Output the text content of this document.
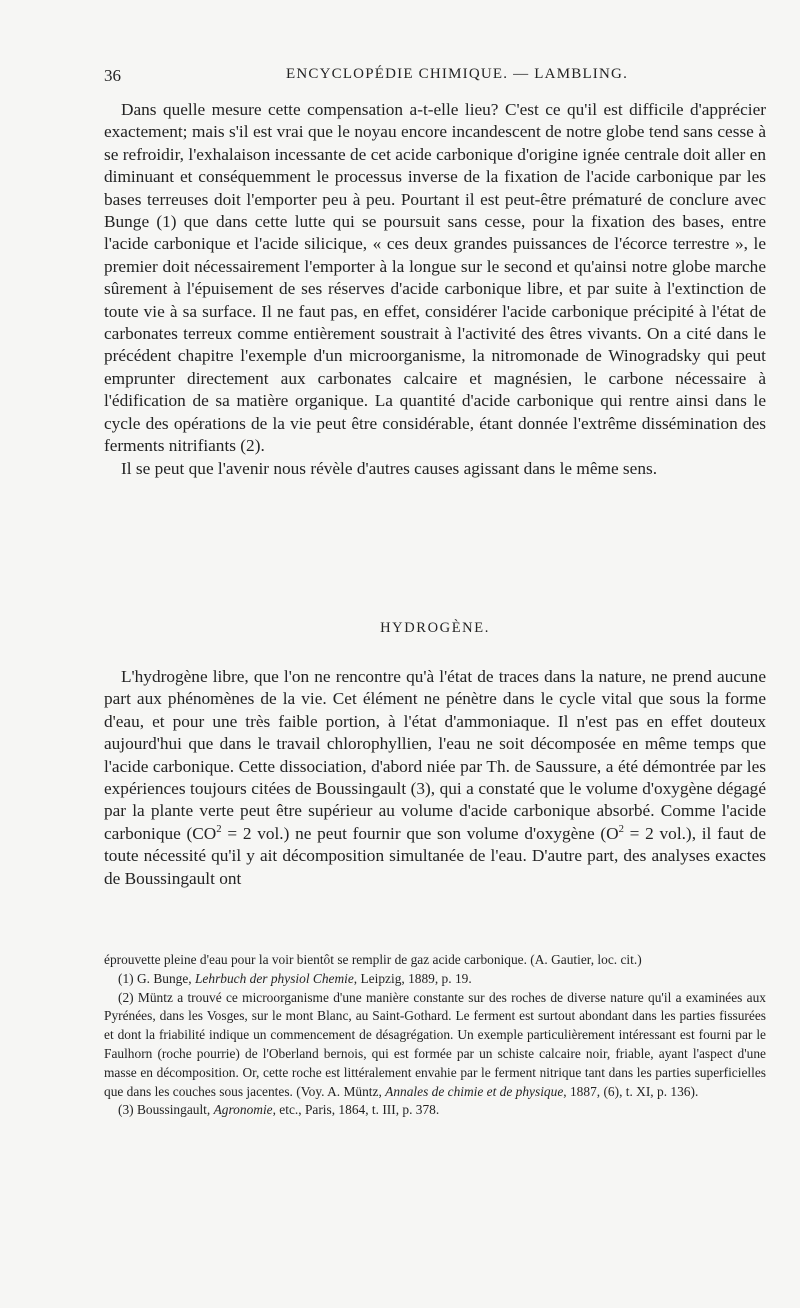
36	ENCYCLOPÉDIE CHIMIQUE. — LAMBLING.

Dans quelle mesure cette compensation a-t-elle lieu? C'est ce qu'il est difficile d'apprécier exactement; mais s'il est vrai que le noyau encore incandescent de notre globe tend sans cesse à se refroidir, l'exhalaison incessante de cet acide carbonique d'origine ignée centrale doit aller en diminuant et conséquemment le processus inverse de la fixation de l'acide carbonique par les bases terreuses doit l'emporter peu à peu. Pourtant il est peut-être prématuré de conclure avec Bunge (1) que dans cette lutte qui se poursuit sans cesse, pour la fixation des bases, entre l'acide carbonique et l'acide silicique, « ces deux grandes puissances de l'écorce terrestre », le premier doit nécessairement l'emporter à la longue sur le second et qu'ainsi notre globe marche sûrement à l'épuisement de ses réserves d'acide carbonique libre, et par suite à l'extinction de toute vie à sa surface. Il ne faut pas, en effet, considérer l'acide carbonique précipité à l'état de carbonates terreux comme entièrement soustrait à l'activité des êtres vivants. On a cité dans le précédent chapitre l'exemple d'un microorganisme, la nitromonade de Winogradsky qui peut emprunter directement aux carbonates calcaire et magnésien, le carbone nécessaire à l'édification de sa matière organique. La quantité d'acide carbonique qui rentre ainsi dans le cycle des opérations de la vie peut être considérable, étant donnée l'extrême dissémination des ferments nitrifiants (2).

Il se peut que l'avenir nous révèle d'autres causes agissant dans le même sens.

HYDROGÈNE.

L'hydrogène libre, que l'on ne rencontre qu'à l'état de traces dans la nature, ne prend aucune part aux phénomènes de la vie. Cet élément ne pénètre dans le cycle vital que sous la forme d'eau, et pour une très faible portion, à l'état d'ammoniaque. Il n'est pas en effet douteux aujourd'hui que dans le travail chlorophyllien, l'eau ne soit décomposée en même temps que l'acide carbonique. Cette dissociation, d'abord niée par Th. de Saussure, a été démontrée par les expériences toujours citées de Boussingault (3), qui a constaté que le volume d'oxygène dégagé par la plante verte peut être supérieur au volume d'acide carbonique absorbé. Comme l'acide carbonique ($CO^2 = 2$ vol.) ne peut fournir que son volume d'oxygène ($O^2 = 2$ vol.), il faut de toute nécessité qu'il y ait décomposition simultanée de l'eau. D'autre part, des analyses exactes de Boussingault ont

éprouvette pleine d'eau pour la voir bientôt se remplir de gaz acide carbonique. (A. Gautier, loc. cit.)

(1) G. Bunge, Lehrbuch der physiol Chemie, Leipzig, 1889, p. 19.

(2) Müntz a trouvé ce microorganisme d'une manière constante sur des roches de diverse nature qu'il a examinées aux Pyrénées, dans les Vosges, sur le mont Blanc, au Saint-Gothard. Le ferment est surtout abondant dans les parties fissurées et dont la friabilité indique un commencement de désagrégation. Un exemple particulièrement intéressant est fourni par le Faulhorn (roche pourrie) de l'Oberland bernois, qui est formée par un schiste calcaire noir, friable, ayant l'aspect d'une masse en décomposition. Or, cette roche est littéralement envahie par le ferment nitrique tant dans les parties superficielles que dans les couches sous jacentes. (Voy. A. Müntz, Annales de chimie et de physique, 1887, (6), t. XI, p. 136).

(3) Boussingault, Agronomie, etc., Paris, 1864, t. III, p. 378.
